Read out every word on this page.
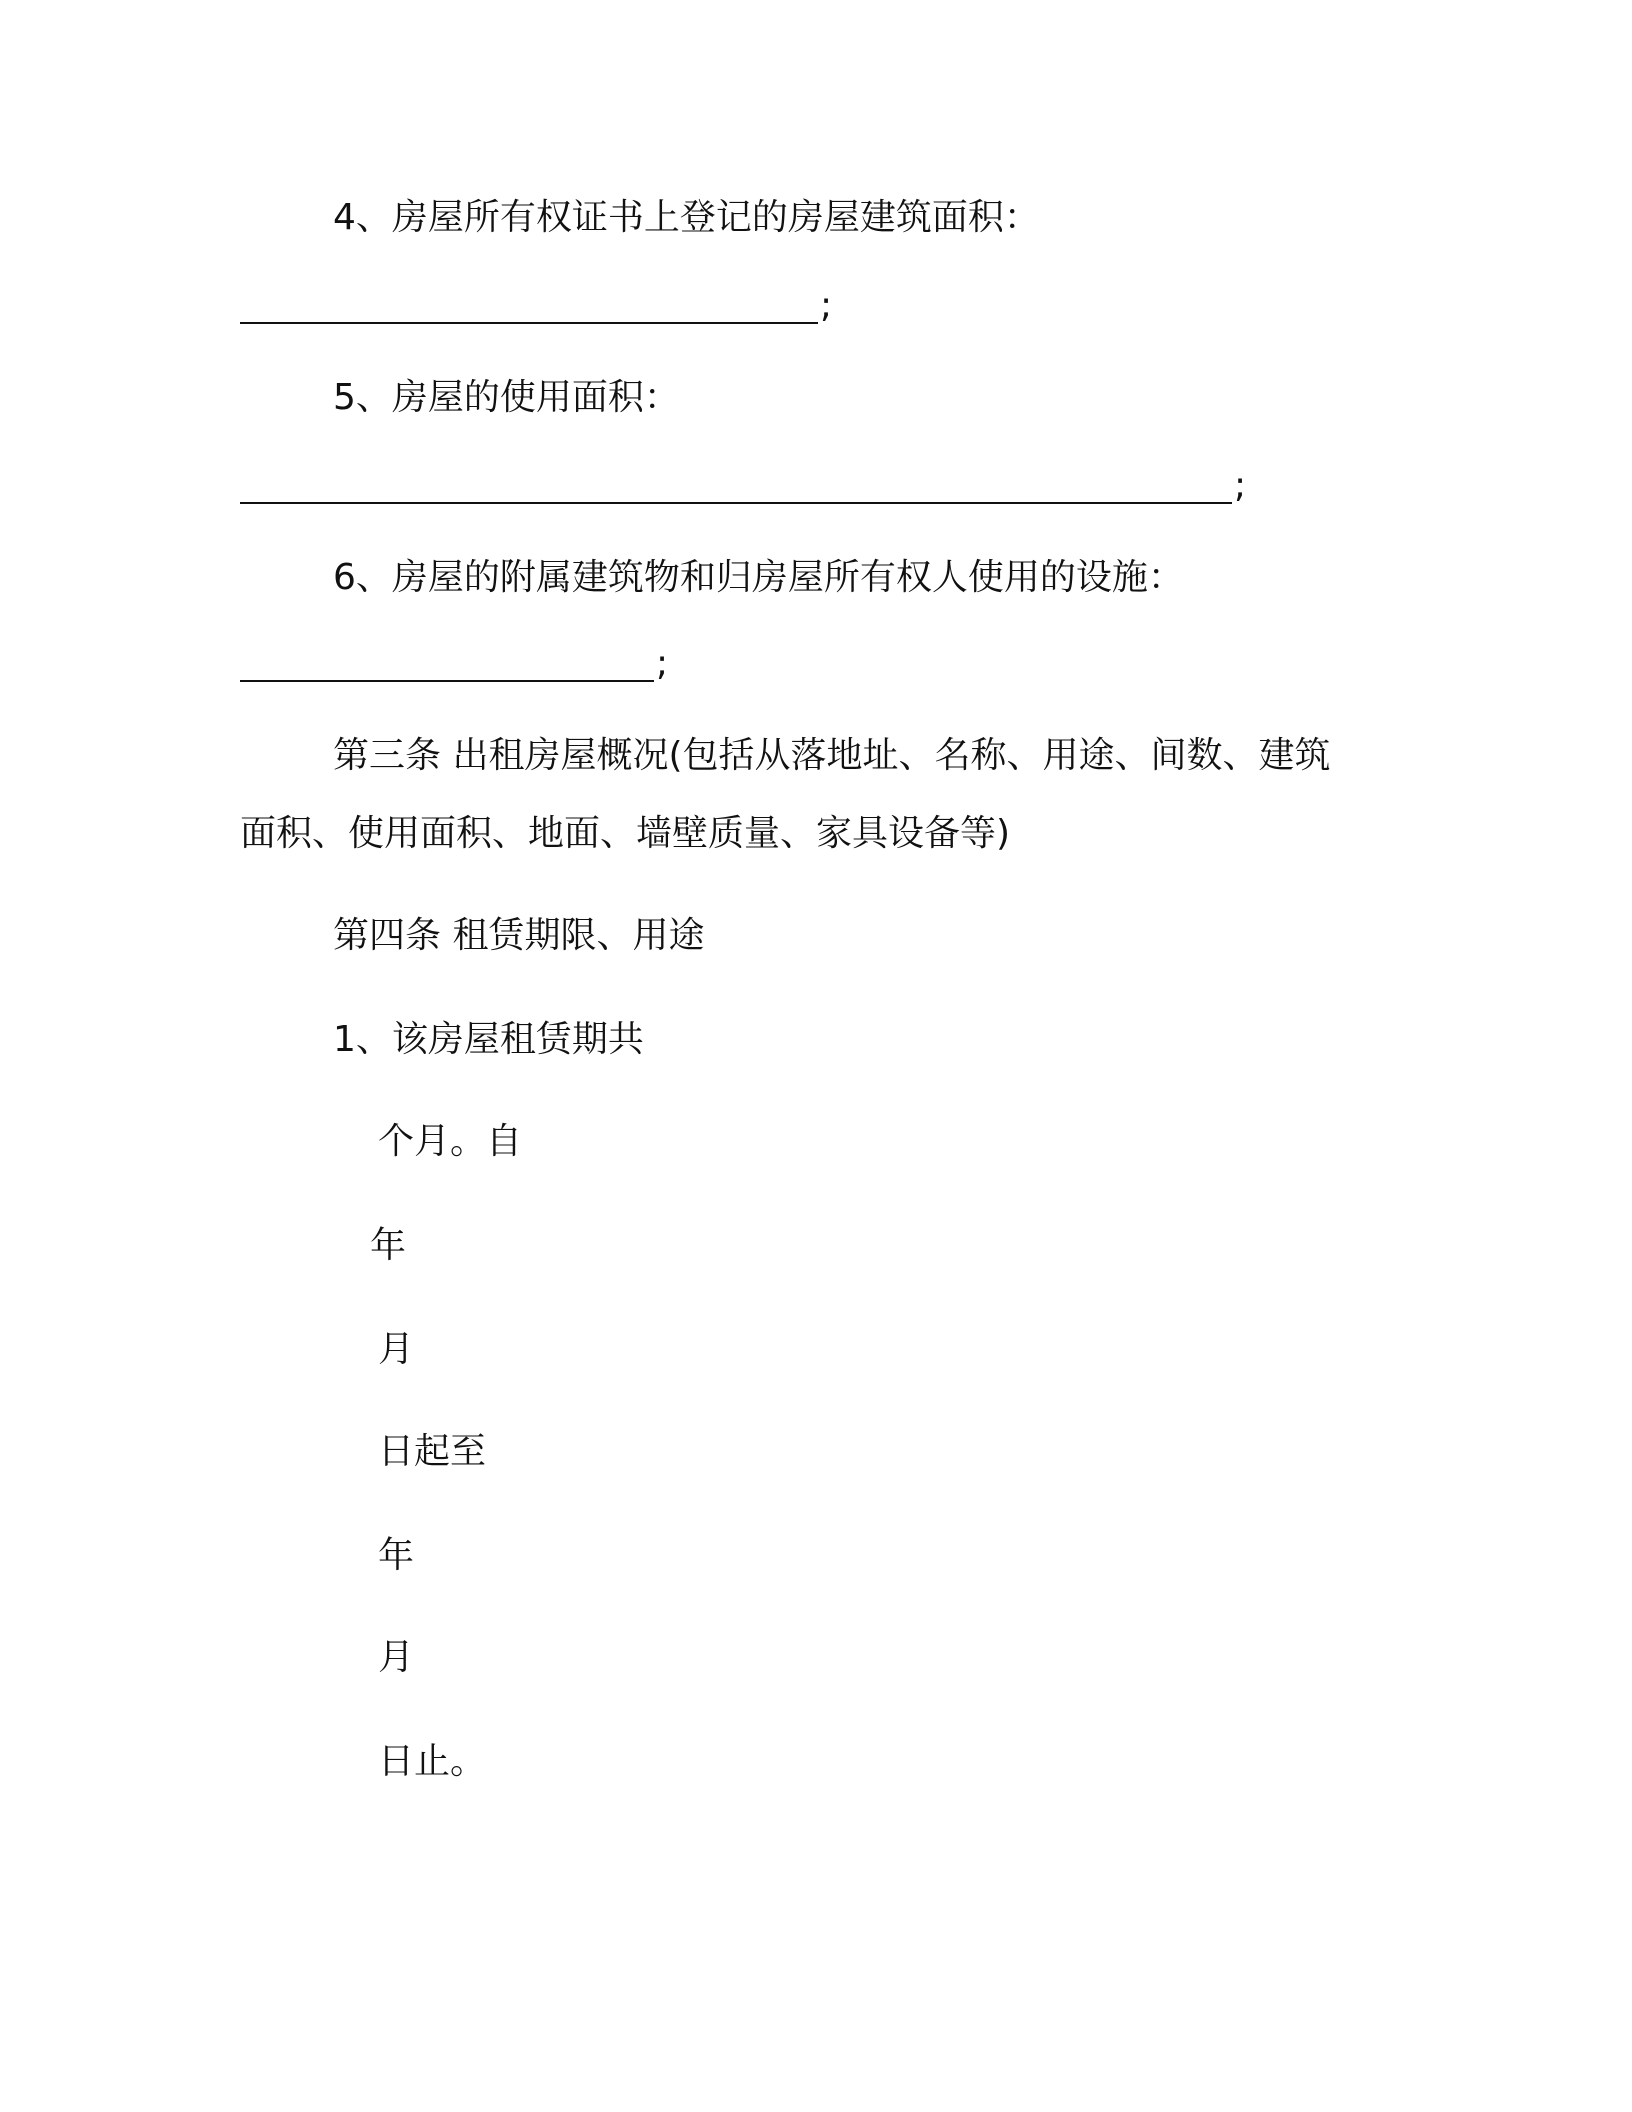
4、房屋所有权证书上登记的房屋建筑面积：
;
5、房屋的使用面积：
;
6、房屋的附属建筑物和归房屋所有权人使用的设施：
;
第三条 出租房屋概况(包括从落地址、名称、用途、间数、建筑
面积、使用面积、地面、墙壁质量、家具设备等)
第四条 租赁期限、用途
1、该房屋租赁期共
个月。自
年
月
日起至
年
月
日止。
